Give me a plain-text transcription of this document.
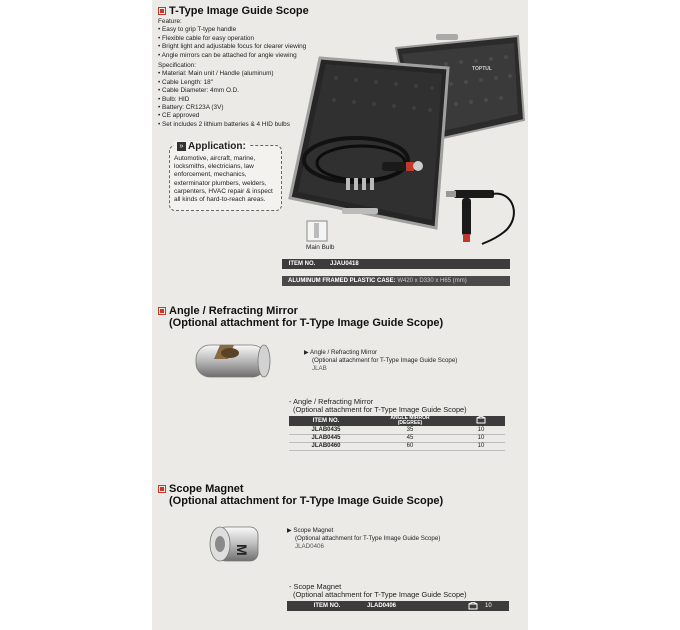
T-Type Image Guide Scope
Feature:
• Easy to grip T-type handle
• Flexible cable for easy operation
• Bright light and adjustable focus for clearer viewing
• Angle mirrors can be attached for angle viewing
Specification:
• Material: Main unit / Handle (aluminum)
• Cable Length: 18"
• Cable Diameter: 4mm O.D.
• Bulb: HID
• Battery: CR123A (3V)
• CE approved
• Set includes 2 lithium batteries & 4 HID bulbs
» Application:
Automotive, aircraft, marine, locksmiths, electricians, law enforcement, mechanics, exterminator plumbers, welders, carpenters, HVAC repair & inspect all kinds of hard-to-reach areas.
TOPTUL
Main Bulb
ITEM NO.	JJAU0418
ALUMINUM FRAMED PLASTIC CASE: W420 x D330 x H65 (mm)
Angle / Refracting Mirror
(Optional attachment for T-Type Image Guide Scope)
▶ Angle / Refracting Mirror
(Optional attachment for T-Type Image Guide Scope)
JLAB
- Angle / Refracting Mirror
(Optional attachment for T-Type Image Guide Scope)
ITEM NO.	ANGLE MIRROR
(DEGREE)	
JLAB0435	35	10
JLAB0445	45	10
JLAB0460	60	10
Scope Magnet
(Optional attachment for T-Type Image Guide Scope)
M
▶ Scope Magnet
(Optional attachment for T-Type Image Guide Scope)
JLAD0406
- Scope Magnet
(Optional attachment for T-Type Image Guide Scope)
ITEM NO.	JLAD0406	10
